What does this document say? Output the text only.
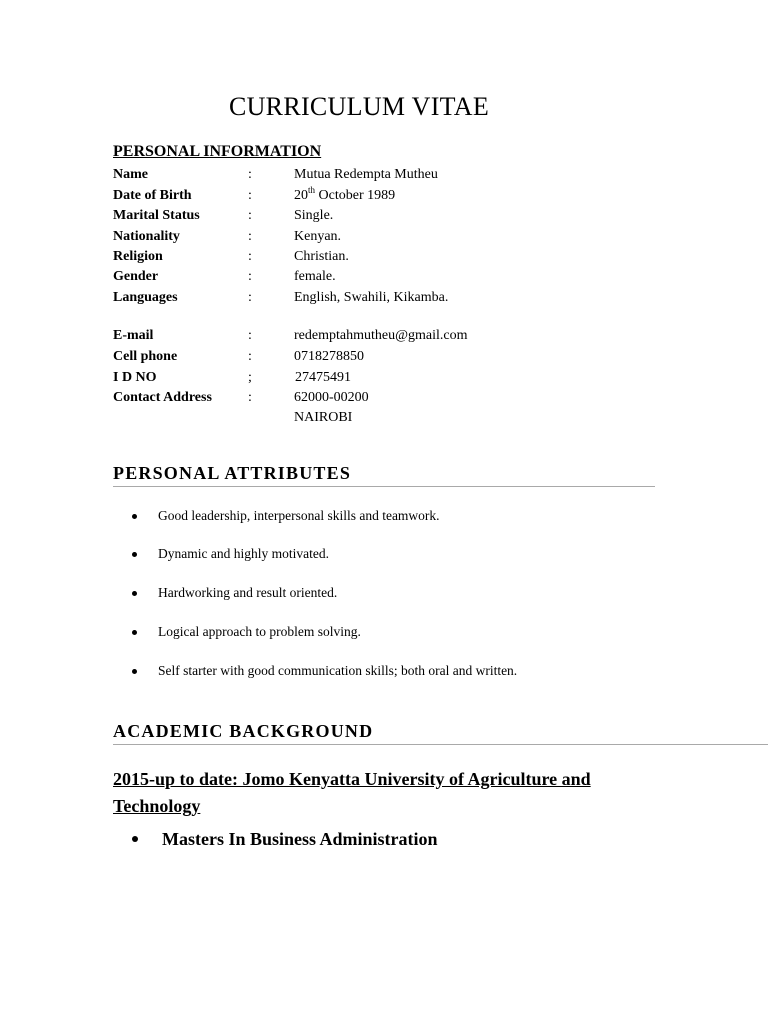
CURRICULUM VITAE
PERSONAL INFORMATION
Name	:	Mutua Redempta Mutheu
Date of Birth	:	20th October 1989
Marital Status	:	Single.
Nationality	:	Kenyan.
Religion	:	Christian.
Gender	:	female.
Languages	:	English, Swahili, Kikamba.
E-mail	:	redemptahmutheu@gmail.com
Cell phone	:	0718278850
I D NO	;	27475491
Contact Address	:	62000-00200
NAIROBI
PERSONAL ATTRIBUTES
Good leadership, interpersonal skills and teamwork.
Dynamic and highly motivated.
Hardworking and result oriented.
Logical approach to problem solving.
Self starter with good communication skills; both oral and written.
ACADEMIC BACKGROUND
2015-up to date: Jomo Kenyatta University of Agriculture and Technology
Masters In Business Administration
